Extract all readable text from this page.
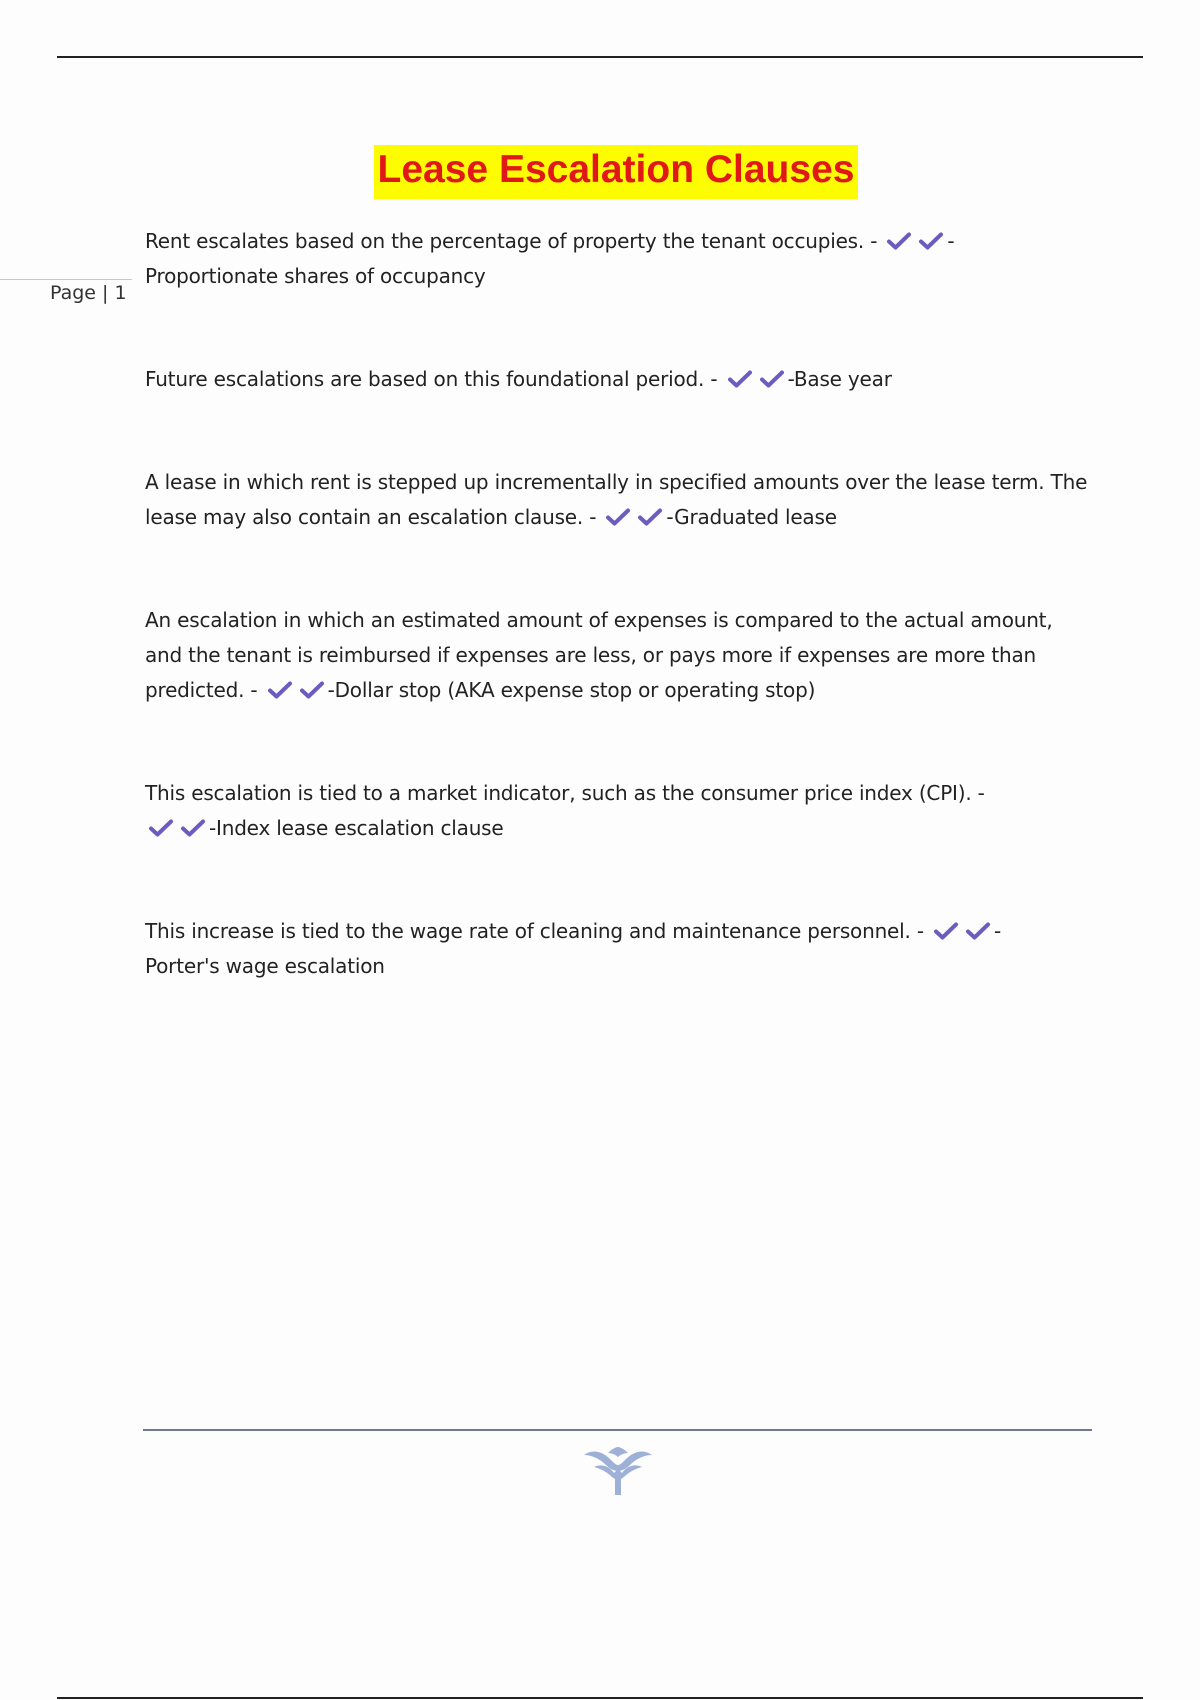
Page | 1
Lease Escalation Clauses

Rent escalates based on the percentage of property the tenant occupies. -	-
Proportionate shares of occupancy

Future escalations are based on this foundational period. -	-Base year

A lease in which rent is stepped up incrementally in specified amounts over the lease term. The lease may also contain an escalation clause. -	-Graduated lease

An escalation in which an estimated amount of expenses is compared to the actual amount, and the tenant is reimbursed if expenses are less, or pays more if expenses are more than predicted. -	-Dollar stop (AKA expense stop or operating stop)

This escalation is tied to a market indicator, such as the consumer price index (CPI). -

-Index lease escalation clause

This increase is tied to the wage rate of cleaning and maintenance personnel. -	-
Porter's wage escalation
